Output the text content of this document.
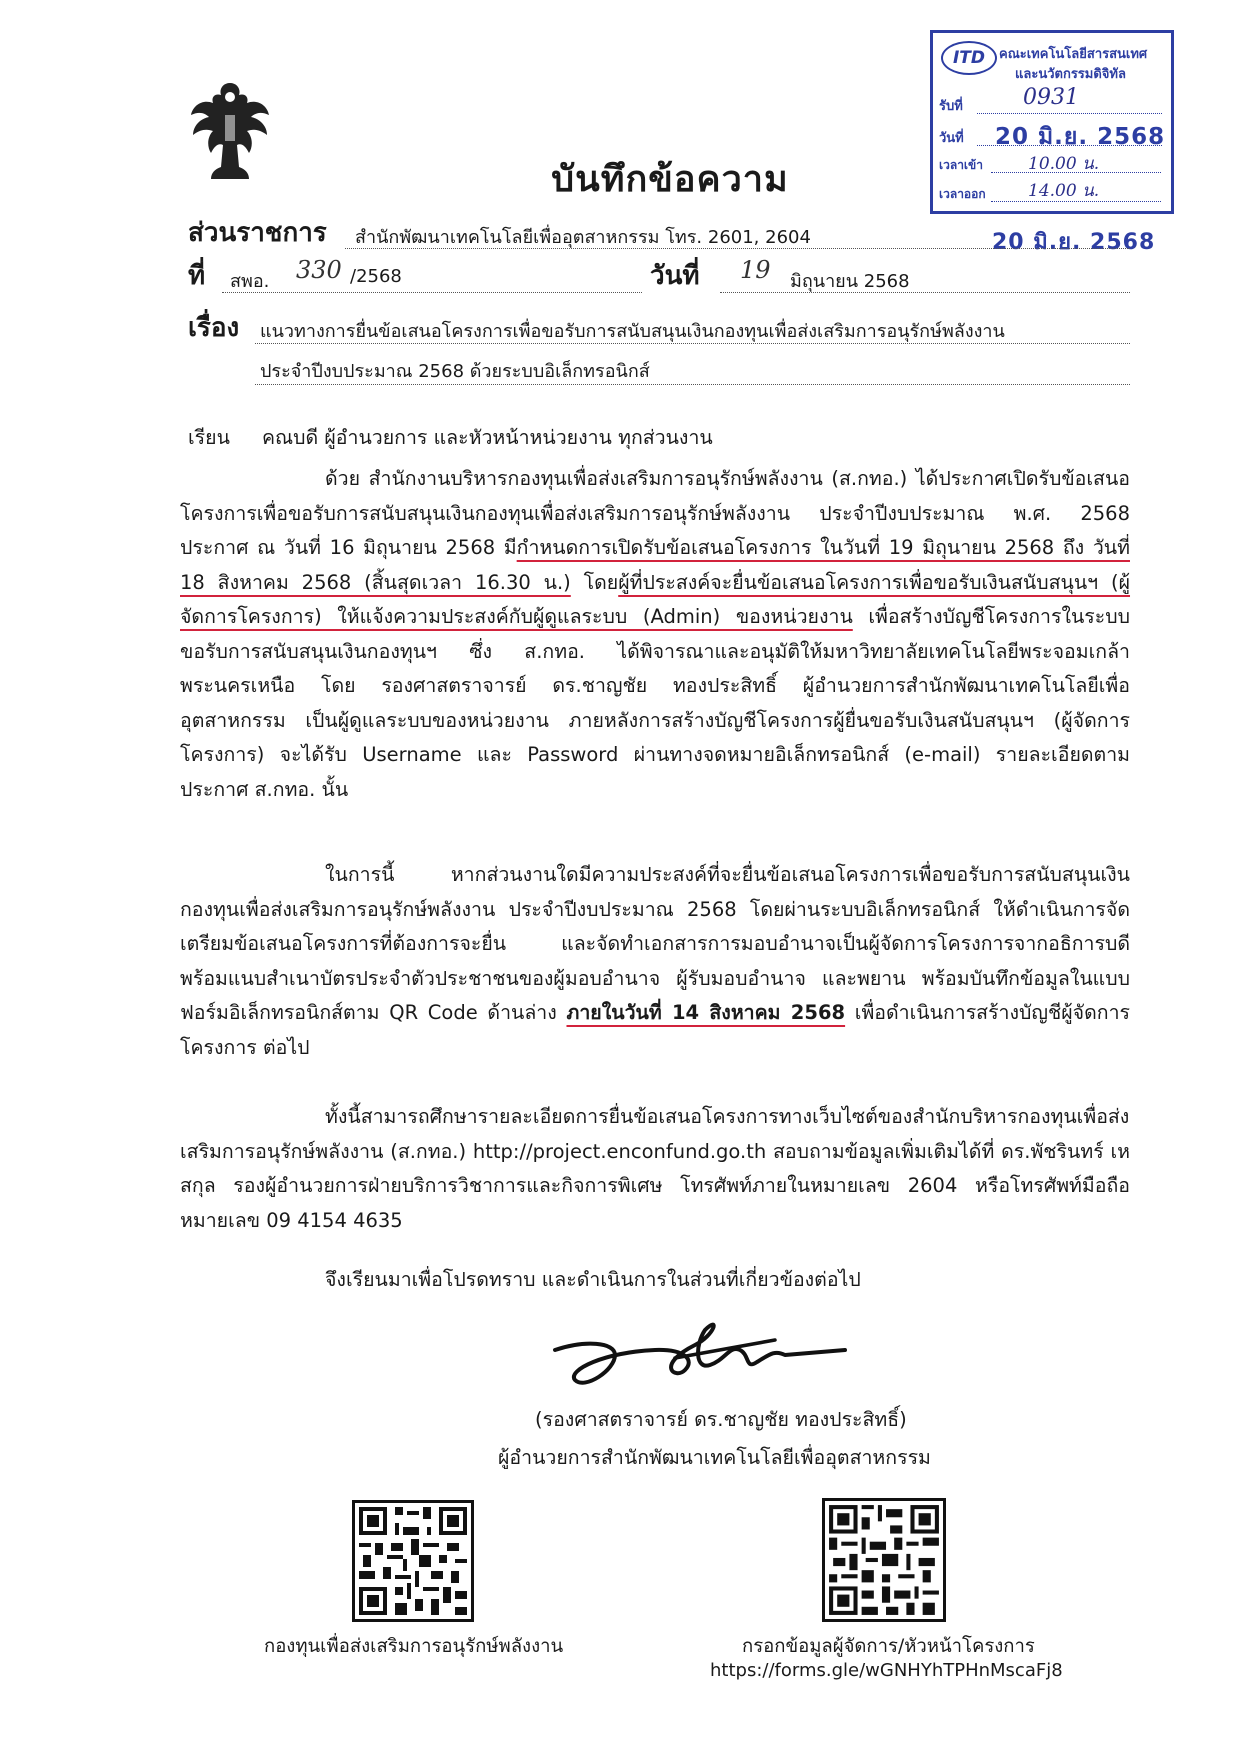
บันทึกข้อความ
ITD	คณะเทคโนโลยีสารสนเทศ
และนวัตกรรมดิจิทัล
รับที่	0931
วันที่ 20 มิ.ย. 2568
เวลาเข้า	10.00 น.
เวลาออก 14.00 น.
20 มิ.ย. 2568
ส่วนราชการ สำนักพัฒนาเทคโนโลยีเพื่ออุตสาหกรรม โทร. 2601, 2604
ที่ สพอ. 330 /2568	วันที่ 19 มิถุนายน 2568
เรื่อง แนวทางการยื่นข้อเสนอโครงการเพื่อขอรับการสนับสนุนเงินกองทุนเพื่อส่งเสริมการอนุรักษ์พลังงาน
ประจำปีงบประมาณ 2568 ด้วยระบบอิเล็กทรอนิกส์
เรียน คณบดี ผู้อำนวยการ และหัวหน้าหน่วยงาน ทุกส่วนงาน

ด้วย สำนักงานบริหารกองทุนเพื่อส่งเสริมการอนุรักษ์พลังงาน (ส.กทอ.) ได้ประกาศเปิดรับข้อเสนอโครงการเพื่อขอรับการสนับสนุนเงินกองทุนเพื่อส่งเสริมการอนุรักษ์พลังงาน ประจำปีงบประมาณ พ.ศ. 2568 ประกาศ ณ วันที่ 16 มิถุนายน 2568 มีกำหนดการเปิดรับข้อเสนอโครงการ ในวันที่ 19 มิถุนายน 2568 ถึง วันที่ 18 สิงหาคม 2568 (สิ้นสุดเวลา 16.30 น.) โดยผู้ที่ประสงค์จะยื่นข้อเสนอโครงการเพื่อขอรับเงินสนับสนุนฯ (ผู้จัดการโครงการ) ให้แจ้งความประสงค์กับผู้ดูแลระบบ (Admin) ของหน่วยงาน เพื่อสร้างบัญชีโครงการในระบบขอรับการสนับสนุนเงินกองทุนฯ ซึ่ง ส.กทอ. ได้พิจารณาและอนุมัติให้มหาวิทยาลัยเทคโนโลยีพระจอมเกล้าพระนครเหนือ โดย รองศาสตราจารย์ ดร.ชาญชัย ทองประสิทธิ์ ผู้อำนวยการสำนักพัฒนาเทคโนโลยีเพื่ออุตสาหกรรม เป็นผู้ดูแลระบบของหน่วยงาน ภายหลังการสร้างบัญชีโครงการผู้ยื่นขอรับเงินสนับสนุนฯ (ผู้จัดการโครงการ) จะได้รับ Username และ Password ผ่านทางจดหมายอิเล็กทรอนิกส์ (e-mail) รายละเอียดตามประกาศ ส.กทอ. นั้น

ในการนี้ หากส่วนงานใดมีความประสงค์ที่จะยื่นข้อเสนอโครงการเพื่อขอรับการสนับสนุนเงินกองทุนเพื่อส่งเสริมการอนุรักษ์พลังงาน ประจำปีงบประมาณ 2568 โดยผ่านระบบอิเล็กทรอนิกส์ ให้ดำเนินการจัดเตรียมข้อเสนอโครงการที่ต้องการจะยื่น และจัดทำเอกสารการมอบอำนาจเป็นผู้จัดการโครงการจากอธิการบดี พร้อมแนบสำเนาบัตรประจำตัวประชาชนของผู้มอบอำนาจ ผู้รับมอบอำนาจ และพยาน พร้อมบันทึกข้อมูลในแบบฟอร์มอิเล็กทรอนิกส์ตาม QR Code ด้านล่าง ภายในวันที่ 14 สิงหาคม 2568 เพื่อดำเนินการสร้างบัญชีผู้จัดการโครงการ ต่อไป

ทั้งนี้สามารถศึกษารายละเอียดการยื่นข้อเสนอโครงการทางเว็บไซต์ของสำนักบริหารกองทุนเพื่อส่งเสริมการอนุรักษ์พลังงาน (ส.กทอ.) http://project.enconfund.go.th สอบถามข้อมูลเพิ่มเติมได้ที่ ดร.พัชรินทร์ เหสกุล รองผู้อำนวยการฝ่ายบริการวิชาการและกิจการพิเศษ โทรศัพท์ภายในหมายเลข 2604 หรือโทรศัพท์มือถือหมายเลข 09 4154 4635

จึงเรียนมาเพื่อโปรดทราบ และดำเนินการในส่วนที่เกี่ยวข้องต่อไป
(รองศาสตราจารย์ ดร.ชาญชัย ทองประสิทธิ์)
ผู้อำนวยการสำนักพัฒนาเทคโนโลยีเพื่ออุตสาหกรรม
กองทุนเพื่อส่งเสริมการอนุรักษ์พลังงาน	กรอกข้อมูลผู้จัดการ/หัวหน้าโครงการ
https://forms.gle/wGNHYhTPHnMscaFj8
